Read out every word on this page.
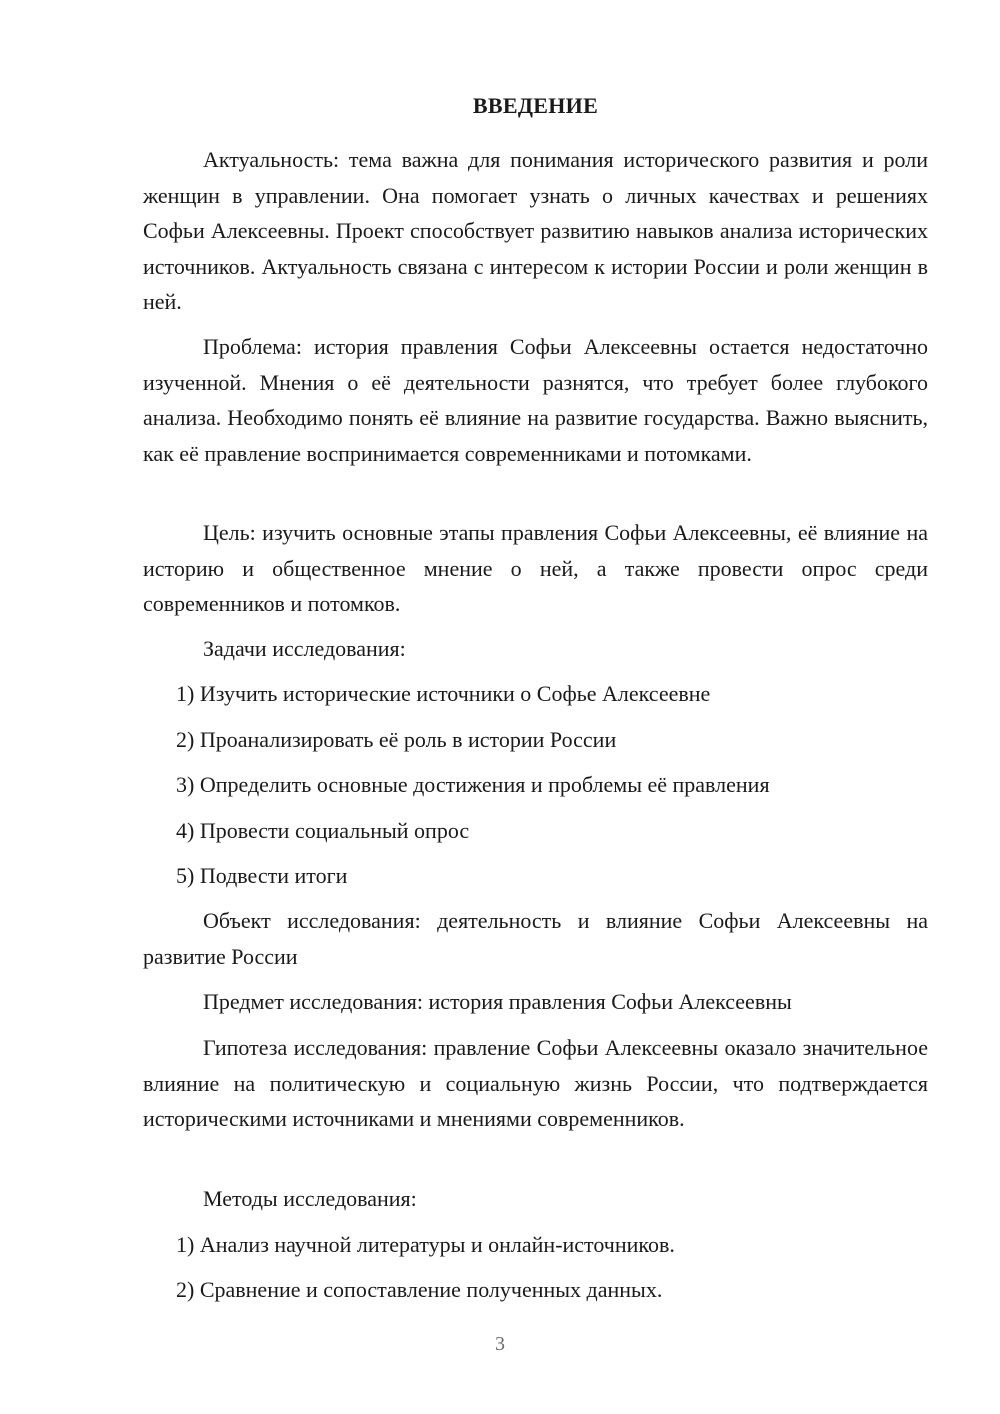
ВВЕДЕНИЕ

Актуальность: тема важна для понимания исторического развития и роли женщин в управлении. Она помогает узнать о личных качествах и решениях Софьи Алексеевны. Проект способствует развитию навыков анализа исторических источников. Актуальность связана с интересом к истории России и роли женщин в ней.

Проблема: история правления Софьи Алексеевны остается недостаточно изученной. Мнения о её деятельности разнятся, что требует более глубокого анализа. Необходимо понять её влияние на развитие государства. Важно выяснить, как её правление воспринимается современниками и потомками.

Цель: изучить основные этапы правления Софьи Алексеевны, её влияние на историю и общественное мнение о ней, а также провести опрос среди современников и потомков.

Задачи исследования:

1) Изучить исторические источники о Софье Алексеевне

2) Проанализировать её роль в истории России

3) Определить основные достижения и проблемы её правления

4) Провести социальный опрос

5) Подвести итоги

Объект исследования: деятельность и влияние Софьи Алексеевны на развитие России

Предмет исследования: история правления Софьи Алексеевны

Гипотеза исследования: правление Софьи Алексеевны оказало значительное влияние на политическую и социальную жизнь России, что подтверждается историческими источниками и мнениями современников.

Методы исследования:

1) Анализ научной литературы и онлайн-источников.

2) Сравнение и сопоставление полученных данных.

3
